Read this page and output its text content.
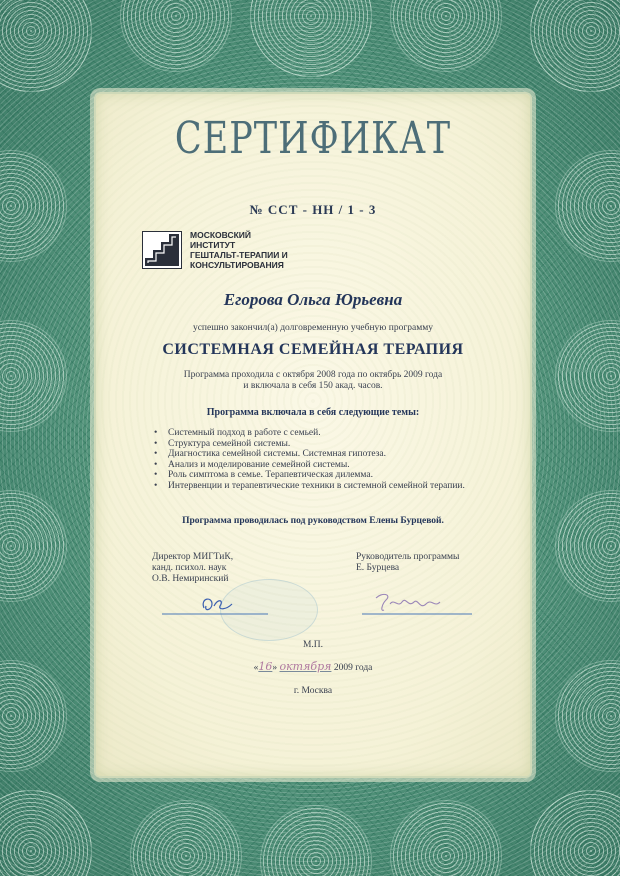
СЕРТИФИКАТ
№ ССТ - НН / 1 - 3
МОСКОВСКИЙ
ИНСТИТУТ
ГЕШТАЛЬТ-ТЕРАПИИ И
КОНСУЛЬТИРОВАНИЯ
Егорова Ольга Юрьевна
успешно закончил(а) долговременную учебную программу
СИСТЕМНАЯ СЕМЕЙНАЯ ТЕРАПИЯ
Программа проходила с октября 2008 года по октябрь 2009 года
и включала в себя 150 акад. часов.
Программа включала в себя следующие темы:
• Системный подход в работе с семьей.
• Структура семейной системы.
• Диагностика семейной системы. Системная гипотеза.
• Анализ и моделирование семейной системы.
• Роль симптома в семье. Терапевтическая дилемма.
• Интервенции и терапевтические техники в системной семейной терапии.
Программа проводилась под руководством Елены Бурцевой.
Директор МИГТиК,
канд. психол. наук
О.В. Немиринский
Руководитель программы
Е. Бурцева
М.П.
«16» октября 2009 года
г. Москва
